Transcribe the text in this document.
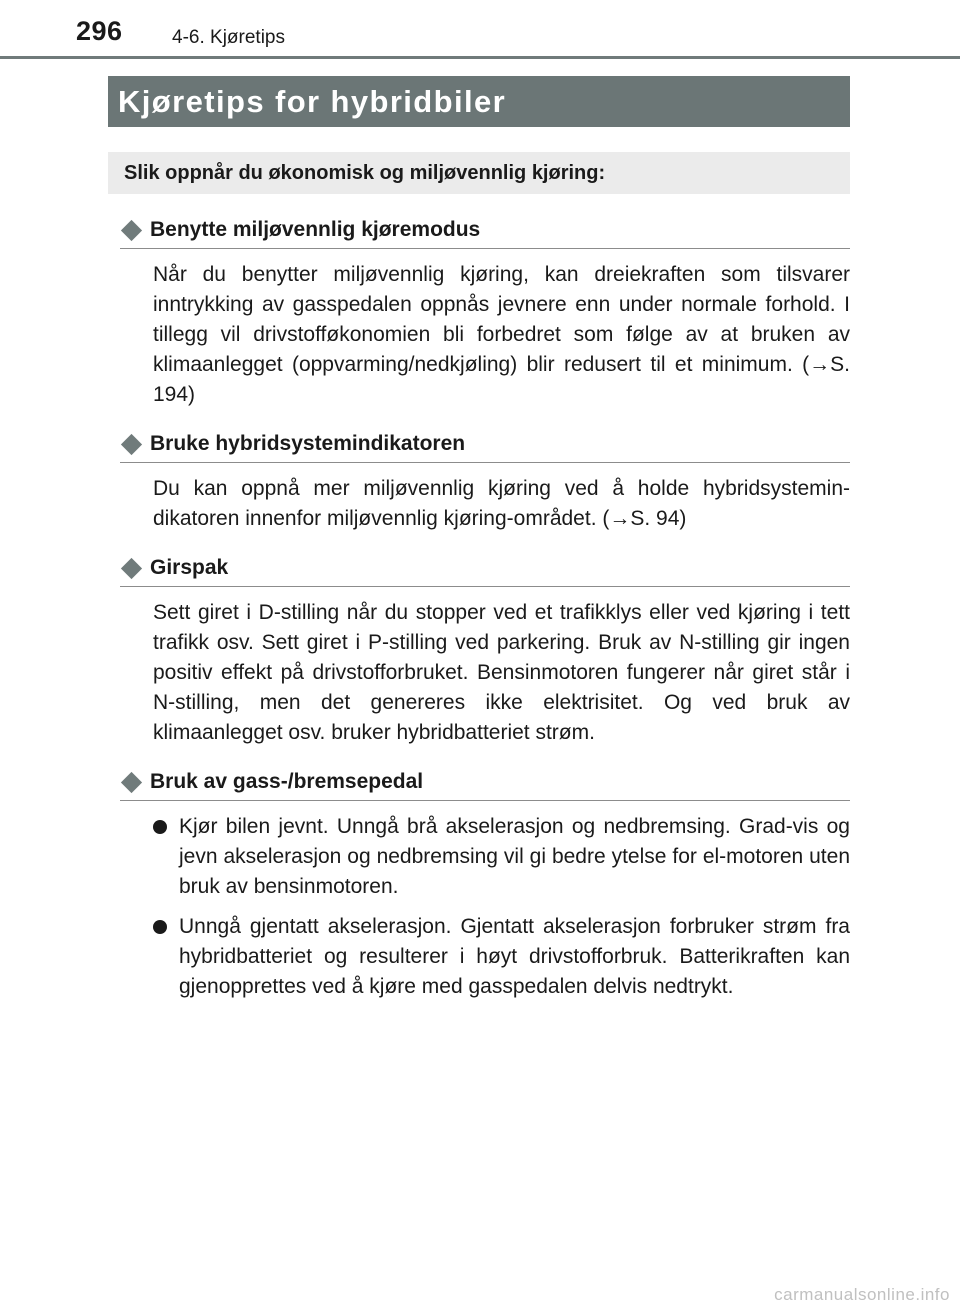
296	4-6. Kjøretips
Kjøretips for hybridbiler
Slik oppnår du økonomisk og miljøvennlig kjøring:
Benytte miljøvennlig kjøremodus

Når du benytter miljøvennlig kjøring, kan dreiekraften som tilsvarer inntrykking av gasspedalen oppnås jevnere enn under normale forhold. I tillegg vil drivstofføkonomien bli forbedret som følge av at bruken av klimaanlegget (oppvarming/nedkjøling) blir redusert til et minimum. (→S. 194)

Bruke hybridsystemindikatoren

Du kan oppnå mer miljøvennlig kjøring ved å holde hybridsystemin-dikatoren innenfor miljøvennlig kjøring-området. (→S. 94)

Girspak

Sett giret i D-stilling når du stopper ved et trafikklys eller ved kjøring i tett trafikk osv. Sett giret i P-stilling ved parkering. Bruk av N-stilling gir ingen positiv effekt på drivstofforbruket. Bensinmotoren fungerer når giret står i N-stilling, men det genereres ikke elektrisitet. Og ved bruk av klimaanlegget osv. bruker hybridbatteriet strøm.

Bruk av gass-/bremsepedal
Kjør bilen jevnt. Unngå brå akselerasjon og nedbremsing. Grad-vis og jevn akselerasjon og nedbremsing vil gi bedre ytelse for el-motoren uten bruk av bensinmotoren.
Unngå gjentatt akselerasjon. Gjentatt akselerasjon forbruker strøm fra hybridbatteriet og resulterer i høyt drivstofforbruk. Batterikraften kan gjenopprettes ved å kjøre med gasspedalen delvis nedtrykt.
carmanualsonline.info
